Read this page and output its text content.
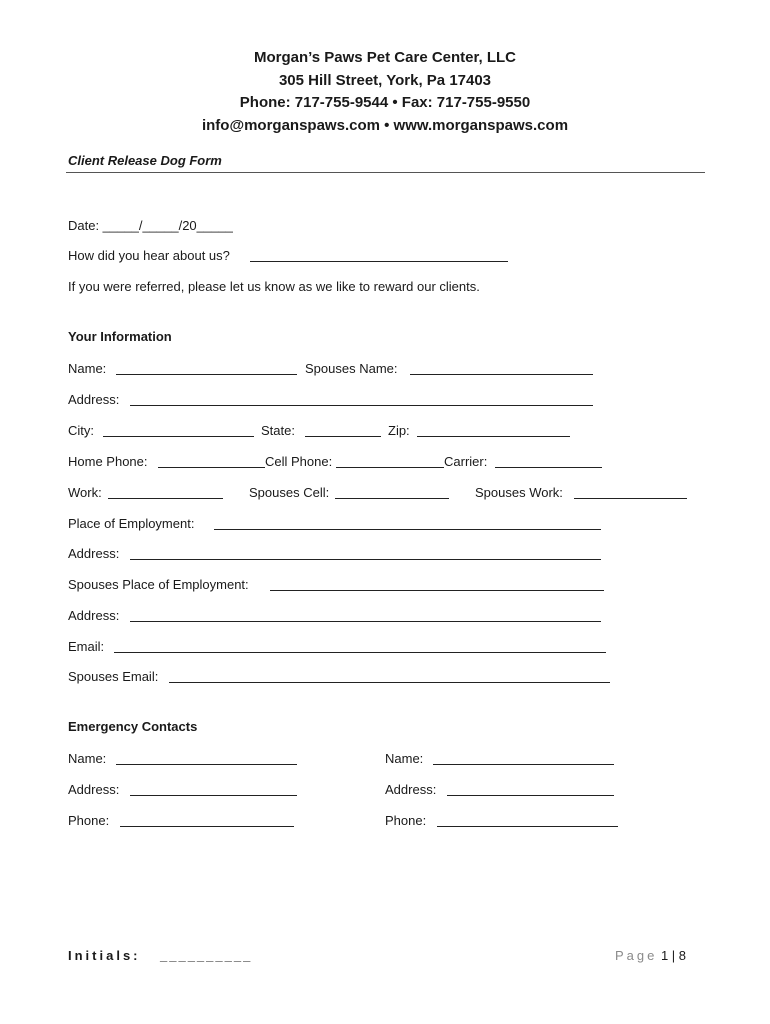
Morgan’s Paws Pet Care Center, LLC
305 Hill Street, York, Pa 17403
Phone: 717-755-9544 • Fax: 717-755-9550
info@morganspaws.com • www.morganspaws.com
Client Release Dog Form
Date: _____/_____/20_____
How did you hear about us?
If you were referred, please let us know as we like to reward our clients.
Your Information
Name:	Spouses Name:
Address:
City:	State:	Zip:
Home Phone:	Cell Phone:	Carrier:
Work:	Spouses Cell:	Spouses Work:
Place of Employment:
Address:
Spouses Place of Employment:
Address:
Email:
Spouses Email:
Emergency Contacts
Name:	Name:
Address:	Address:
Phone:	Phone:
Initials: __________	Page 1 | 8
